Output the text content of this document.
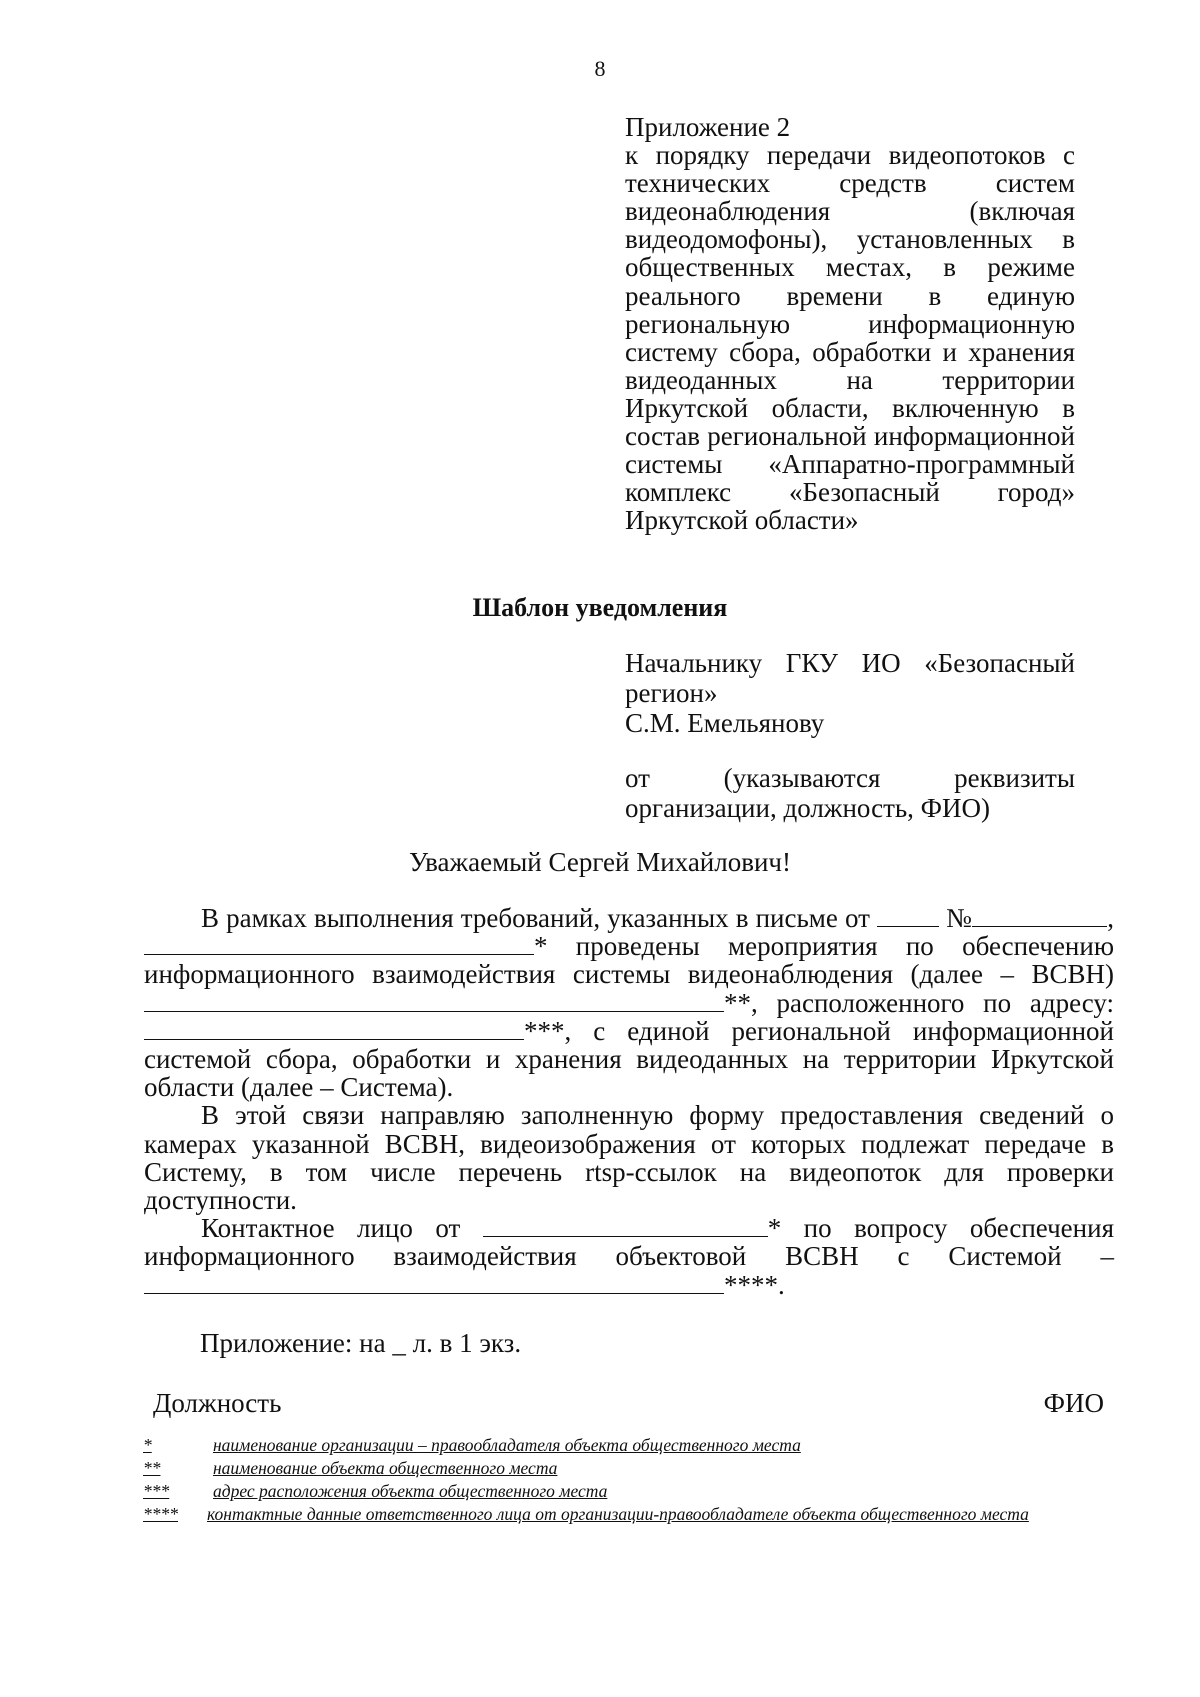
8
Приложение 2
к порядку передачи видеопотоков с технических средств систем видеонаблюдения (включая видеодомофоны), установленных в общественных местах, в режиме реального времени в единую региональную информационную систему сбора, обработки и хранения видеоданных на территории Иркутской области, включенную в состав региональной информационной системы «Аппаратно-программный комплекс «Безопасный город» Иркутской области»
Шаблон уведомления
Начальнику ГКУ ИО «Безопасный регион»
С.М. Емельянову
от (указываются реквизиты организации, должность, ФИО)
Уважаемый Сергей Михайлович!

В рамках выполнения требований, указанных в письме от	№	, * проведены мероприятия по обеспечению информационного взаимодействия системы видеонаблюдения (далее – ВСВН) **, расположенного по адресу: ***, с единой региональной информационной системой сбора, обработки и хранения видеоданных на территории Иркутской области (далее – Система).

В этой связи направляю заполненную форму предоставления сведений о камерах указанной ВСВН, видеоизображения от которых подлежат передаче в Систему, в том числе перечень rtsp-ссылок на видеопоток для проверки доступности.

Контактное лицо от	* по вопросу обеспечения информационного взаимодействия объектовой ВСВН с Системой – ****.

Приложение: на _ л. в 1 экз.
Должность	ФИО
*	наименование организации – правообладателя объекта общественного места
**	наименование объекта общественного места
***	адрес расположения объекта общественного места
****	контактные данные ответственного лица от организации-правообладателе объекта общественного места
